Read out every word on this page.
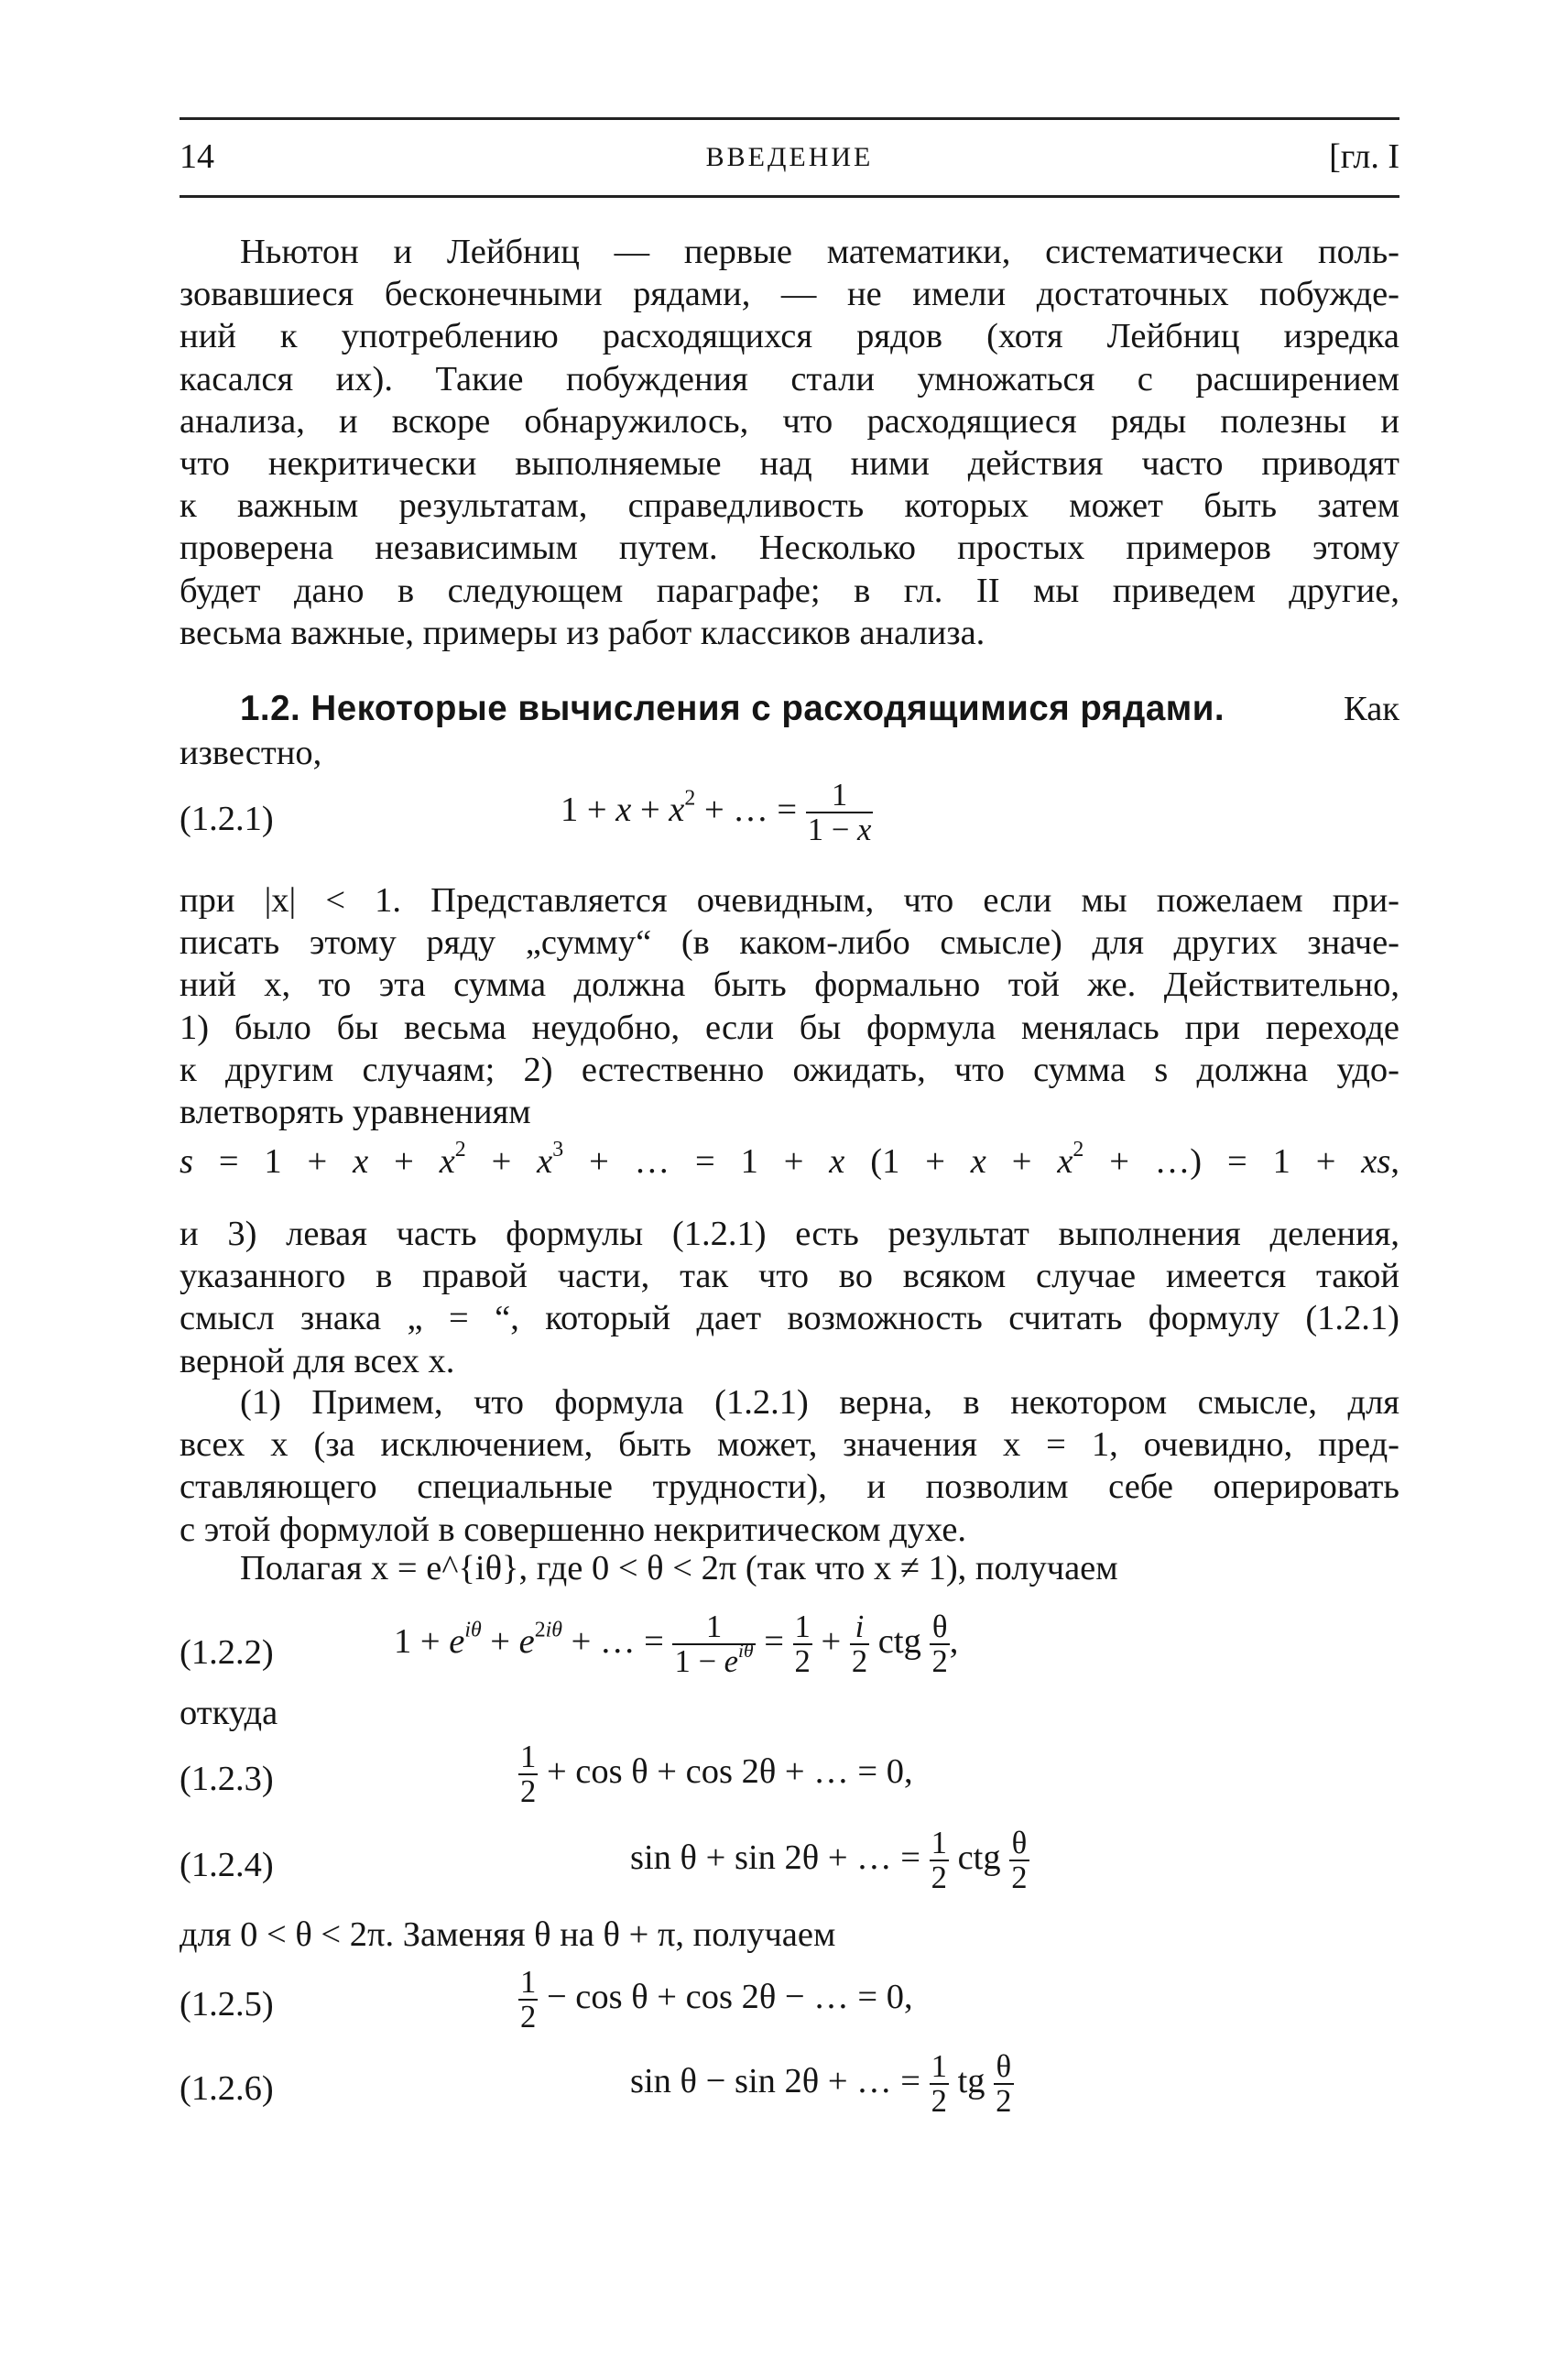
14	ВВЕДЕНИЕ	[гл. I

Ньютон и Лейбниц — первые математики, систематически поль-
зовавшиеся бесконечными рядами, — не имели достаточных побужде-
ний к употреблению расходящихся рядов (хотя Лейбниц изредка
касался их). Такие побуждения стали умножаться с расширением
анализа, и вскоре обнаружилось, что расходящиеся ряды полезны и
что некритически выполняемые над ними действия часто приводят
к важным результатам, справедливость которых может быть затем
проверена независимым путем. Несколько простых примеров этому
будет дано в следующем параграфе; в гл. II мы приведем другие,
весьма важные, примеры из работ классиков анализа.

1.2. Некоторые вычисления с расходящимися рядами.	Как
известно,
(1.2.1)	$1 + x + x^2$ + … = $\frac{1}{1 - x}$

при |x| < 1. Представляется очевидным, что если мы пожелаем при-
писать этому ряду „сумму“ (в каком-либо смысле) для других значе-
ний x, то эта сумма должна быть формально той же. Действительно,
1) было бы весьма неудобно, если бы формула менялась при переходе
к другим случаям; 2) естественно ожидать, что сумма s должна удо-
влетворять уравнениям

$s = 1 + x + x^2 + x^3$ + … = 1 + x ($1 + x + x^2$ + …) = 1 + xs,

и 3) левая часть формулы (1.2.1) есть результат выполнения деления,
указанного в правой части, так что во всяком случае имеется такой
смысл знака „ = “, который дает возможность считать формулу (1.2.1)
верной для всех x.

(1) Примем, что формула (1.2.1) верна, в некотором смысле, для
всех x (за исключением, быть может, значения x = 1, очевидно, пред-
ставляющего специальные трудности), и позволим себе оперировать
с этой формулой в совершенно некритическом духе.

Полагая x = e^{iθ}, где 0 < θ < 2π (так что x ≠ 1), получаем
(1.2.2)	$1 + e^{i\theta} + e^{2i\theta}$ + … = $\frac{1}{1 - e^{i\theta}} = \frac{1}{2} + \frac{i}{2}$ ctg $\frac{\theta}{2}$ ,
откуда
(1.2.3)	$\frac{1}{2} + \cos \theta + \cos 2\theta$ + … = 0,
(1.2.4)	sin θ + sin 2θ + … = $\frac{1}{2}$ ctg $\frac{\theta}{2}$
для 0 < θ < 2π. Заменяя θ на θ + π, получаем
(1.2.5)	$\frac{1}{2} - \cos \theta + \cos 2\theta$ − … = 0,
(1.2.6)	sin θ − sin 2θ + … = $\frac{1}{2}$ tg $\frac{\theta}{2}$
